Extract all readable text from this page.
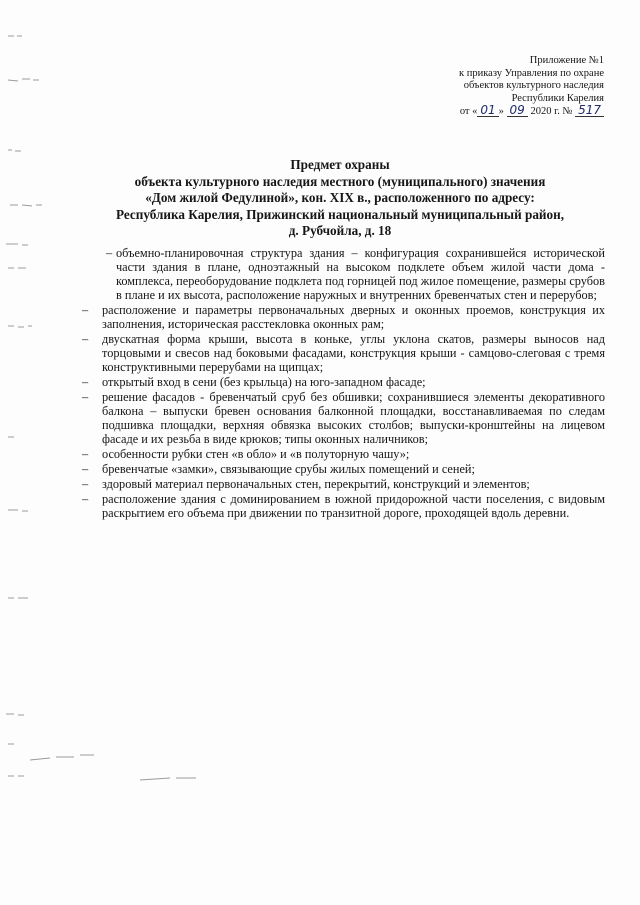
Приложение №1
к приказу Управления по охране
объектов культурного наследия
Республики Карелия
от « 01 » 09 2020 г. № 517
Предмет охраны
объекта культурного наследия местного (муниципального) значения
«Дом жилой Федулиной», кон. XIX в., расположенного по адресу:
Республика Карелия, Прижинский национальный муниципальный район,
д. Рубчойла, д. 18
– объемно-планировочная структура здания – конфигурация сохранившейся исторической части здания в плане, одноэтажный на высоком подклете объем жилой части дома - комплекса, переоборудование подклета под горницей под жилое помещение, размеры срубов в плане и их высота, расположение наружных и внутренних бревенчатых стен и перерубов;
– расположение и параметры первоначальных дверных и оконных проемов, конструкция их заполнения, историческая расстекловка оконных рам;
– двускатная форма крыши, высота в коньке, углы уклона скатов, размеры выносов над торцовыми и свесов над боковыми фасадами, конструкция крыши - самцово-слеговая с тремя конструктивными перерубами на щипцах;
– открытый вход в сени (без крыльца) на юго-западном фасаде;
– решение фасадов - бревенчатый сруб без обшивки; сохранившиеся элементы декоративного балкона – выпуски бревен основания балконной площадки, восстанавливаемая по следам подшивка площадки, верхняя обвязка высоких столбов; выпуски-кронштейны на лицевом фасаде и их резьба в виде крюков; типы оконных наличников;
– особенности рубки стен «в обло» и «в полуторную чашу»;
– бревенчатые «замки», связывающие срубы жилых помещений и сеней;
– здоровый материал первоначальных стен, перекрытий, конструкций и элементов;
– расположение здания с доминированием в южной придорожной части поселения, с видовым раскрытием его объема при движении по транзитной дороге, проходящей вдоль деревни.
